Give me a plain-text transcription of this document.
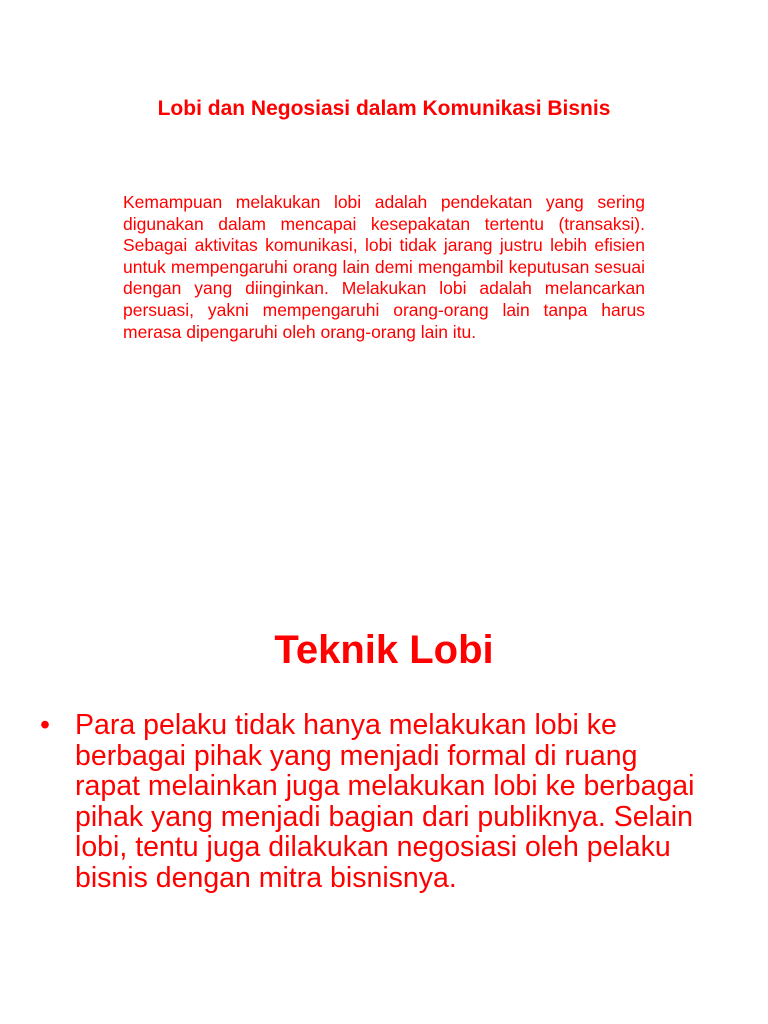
Lobi dan Negosiasi dalam Komunikasi Bisnis

Kemampuan melakukan lobi adalah pendekatan yang sering digunakan dalam mencapai kesepakatan tertentu (transaksi). Sebagai aktivitas komunikasi, lobi tidak jarang justru lebih efisien untuk mempengaruhi orang lain demi mengambil keputusan sesuai dengan yang diinginkan. Melakukan lobi adalah melancarkan persuasi, yakni mempengaruhi orang-orang lain tanpa harus merasa dipengaruhi oleh orang-orang lain itu.

Teknik Lobi
• Para pelaku tidak hanya melakukan lobi ke berbagai pihak yang menjadi formal di ruang rapat melainkan juga melakukan lobi ke berbagai pihak yang menjadi bagian dari publiknya. Selain lobi, tentu juga dilakukan negosiasi oleh pelaku bisnis dengan mitra bisnisnya.
